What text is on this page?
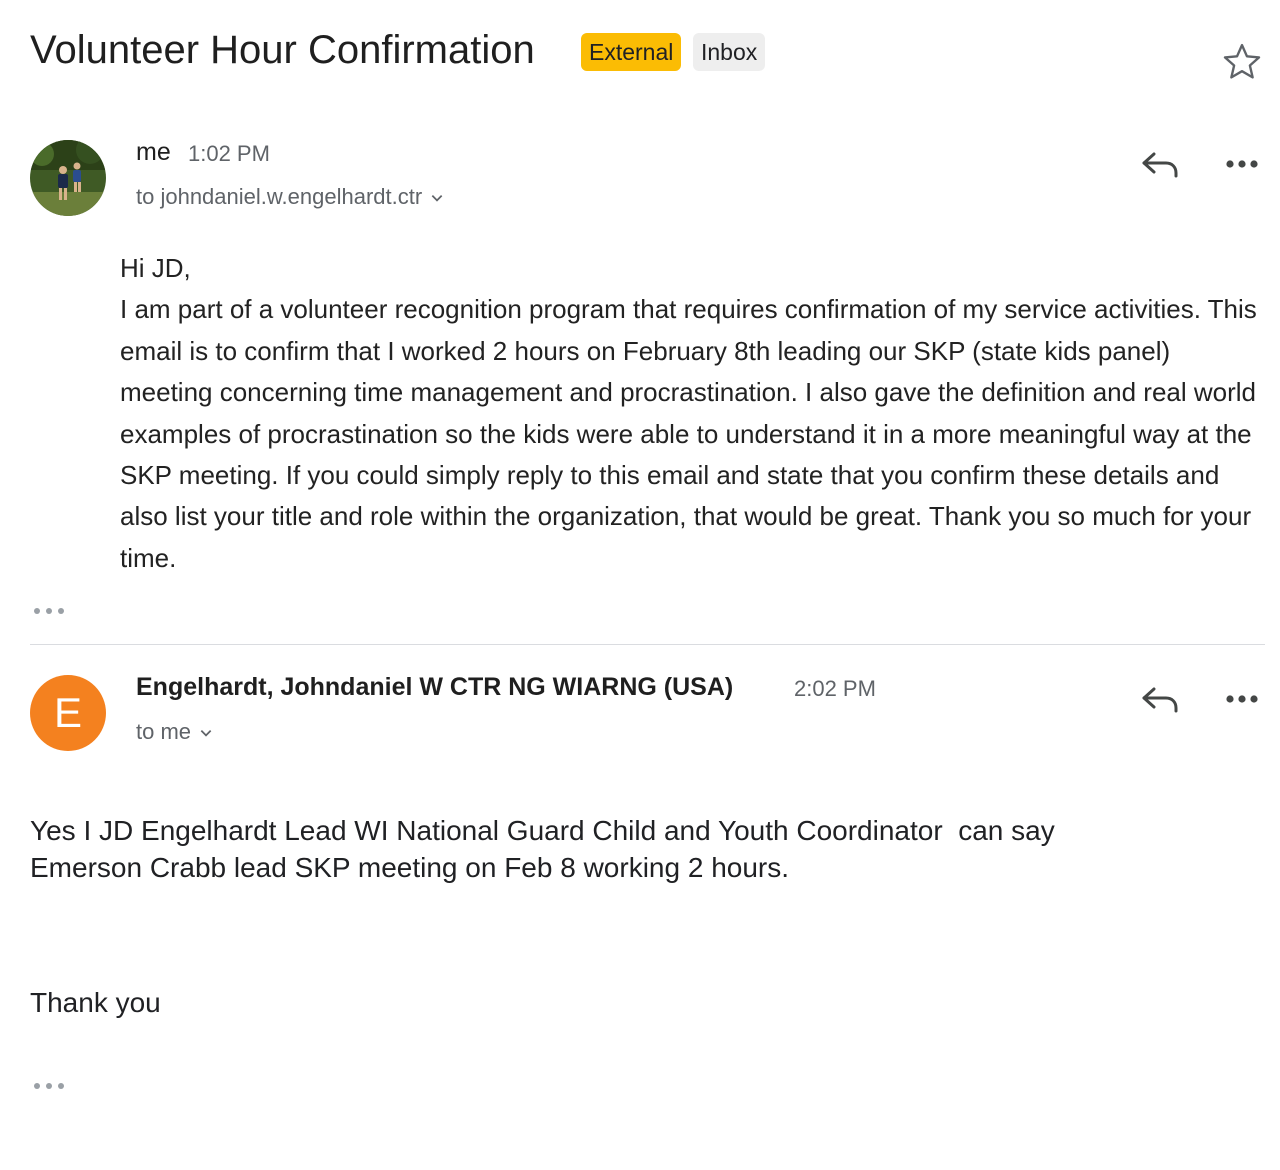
Volunteer Hour Confirmation	External	Inbox
me 1:02 PM
to johndaniel.w.engelhardt.ctr

Hi JD,

I am part of a volunteer recognition program that requires confirmation of my service activities. This email is to confirm that I worked 2 hours on February 8th leading our SKP (state kids panel) meeting concerning time management and procrastination. I also gave the definition and real world examples of procrastination so the kids were able to understand it in a more meaningful way at the SKP meeting. If you could simply reply to this email and state that you confirm these details and also list your title and role within the organization, that would be great. Thank you so much for your time.

E
Engelhardt, Johndaniel W CTR NG WIARNG (USA)	2:02 PM
to me

Yes I JD Engelhardt Lead WI National Guard Child and Youth Coordinator  can say

Emerson Crabb lead SKP meeting on Feb 8 working 2 hours.

Thank you
